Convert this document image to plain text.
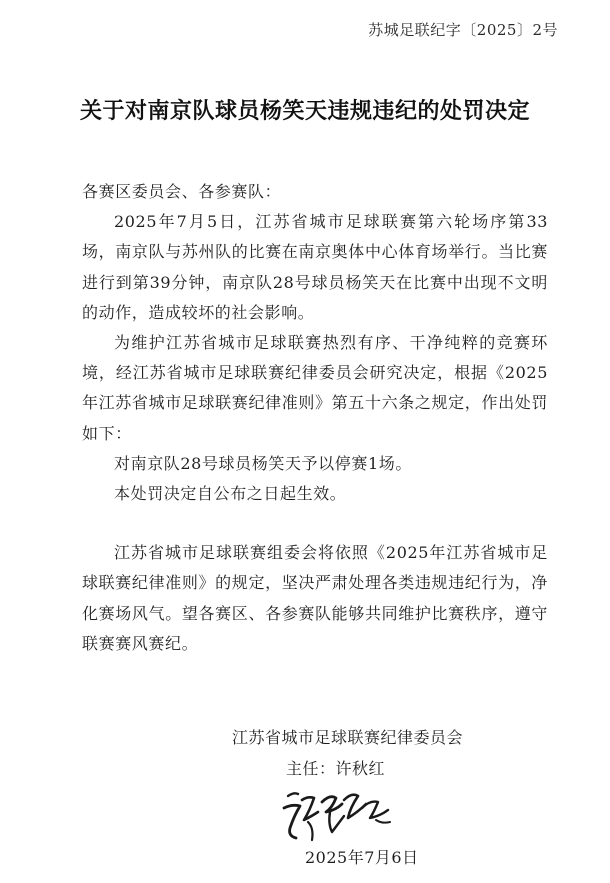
苏城足联纪字〔2025〕2号
关于对南京队球员杨笑天违规违纪的处罚决定

各赛区委员会、各参赛队：

2025年7月5日，江苏省城市足球联赛第六轮场序第33场，南京队与苏州队的比赛在南京奥体中心体育场举行。当比赛进行到第39分钟，南京队28号球员杨笑天在比赛中出现不文明的动作，造成较坏的社会影响。

为维护江苏省城市足球联赛热烈有序、干净纯粹的竞赛环境，经江苏省城市足球联赛纪律委员会研究决定，根据《2025年江苏省城市足球联赛纪律准则》第五十六条之规定，作出处罚如下：

对南京队28号球员杨笑天予以停赛1场。

本处罚决定自公布之日起生效。

江苏省城市足球联赛组委会将依照《2025年江苏省城市足球联赛纪律准则》的规定，坚决严肃处理各类违规违纪行为，净化赛场风气。望各赛区、各参赛队能够共同维护比赛秩序，遵守联赛赛风赛纪。

江苏省城市足球联赛纪律委员会
主任：许秋红
2025年7月6日
